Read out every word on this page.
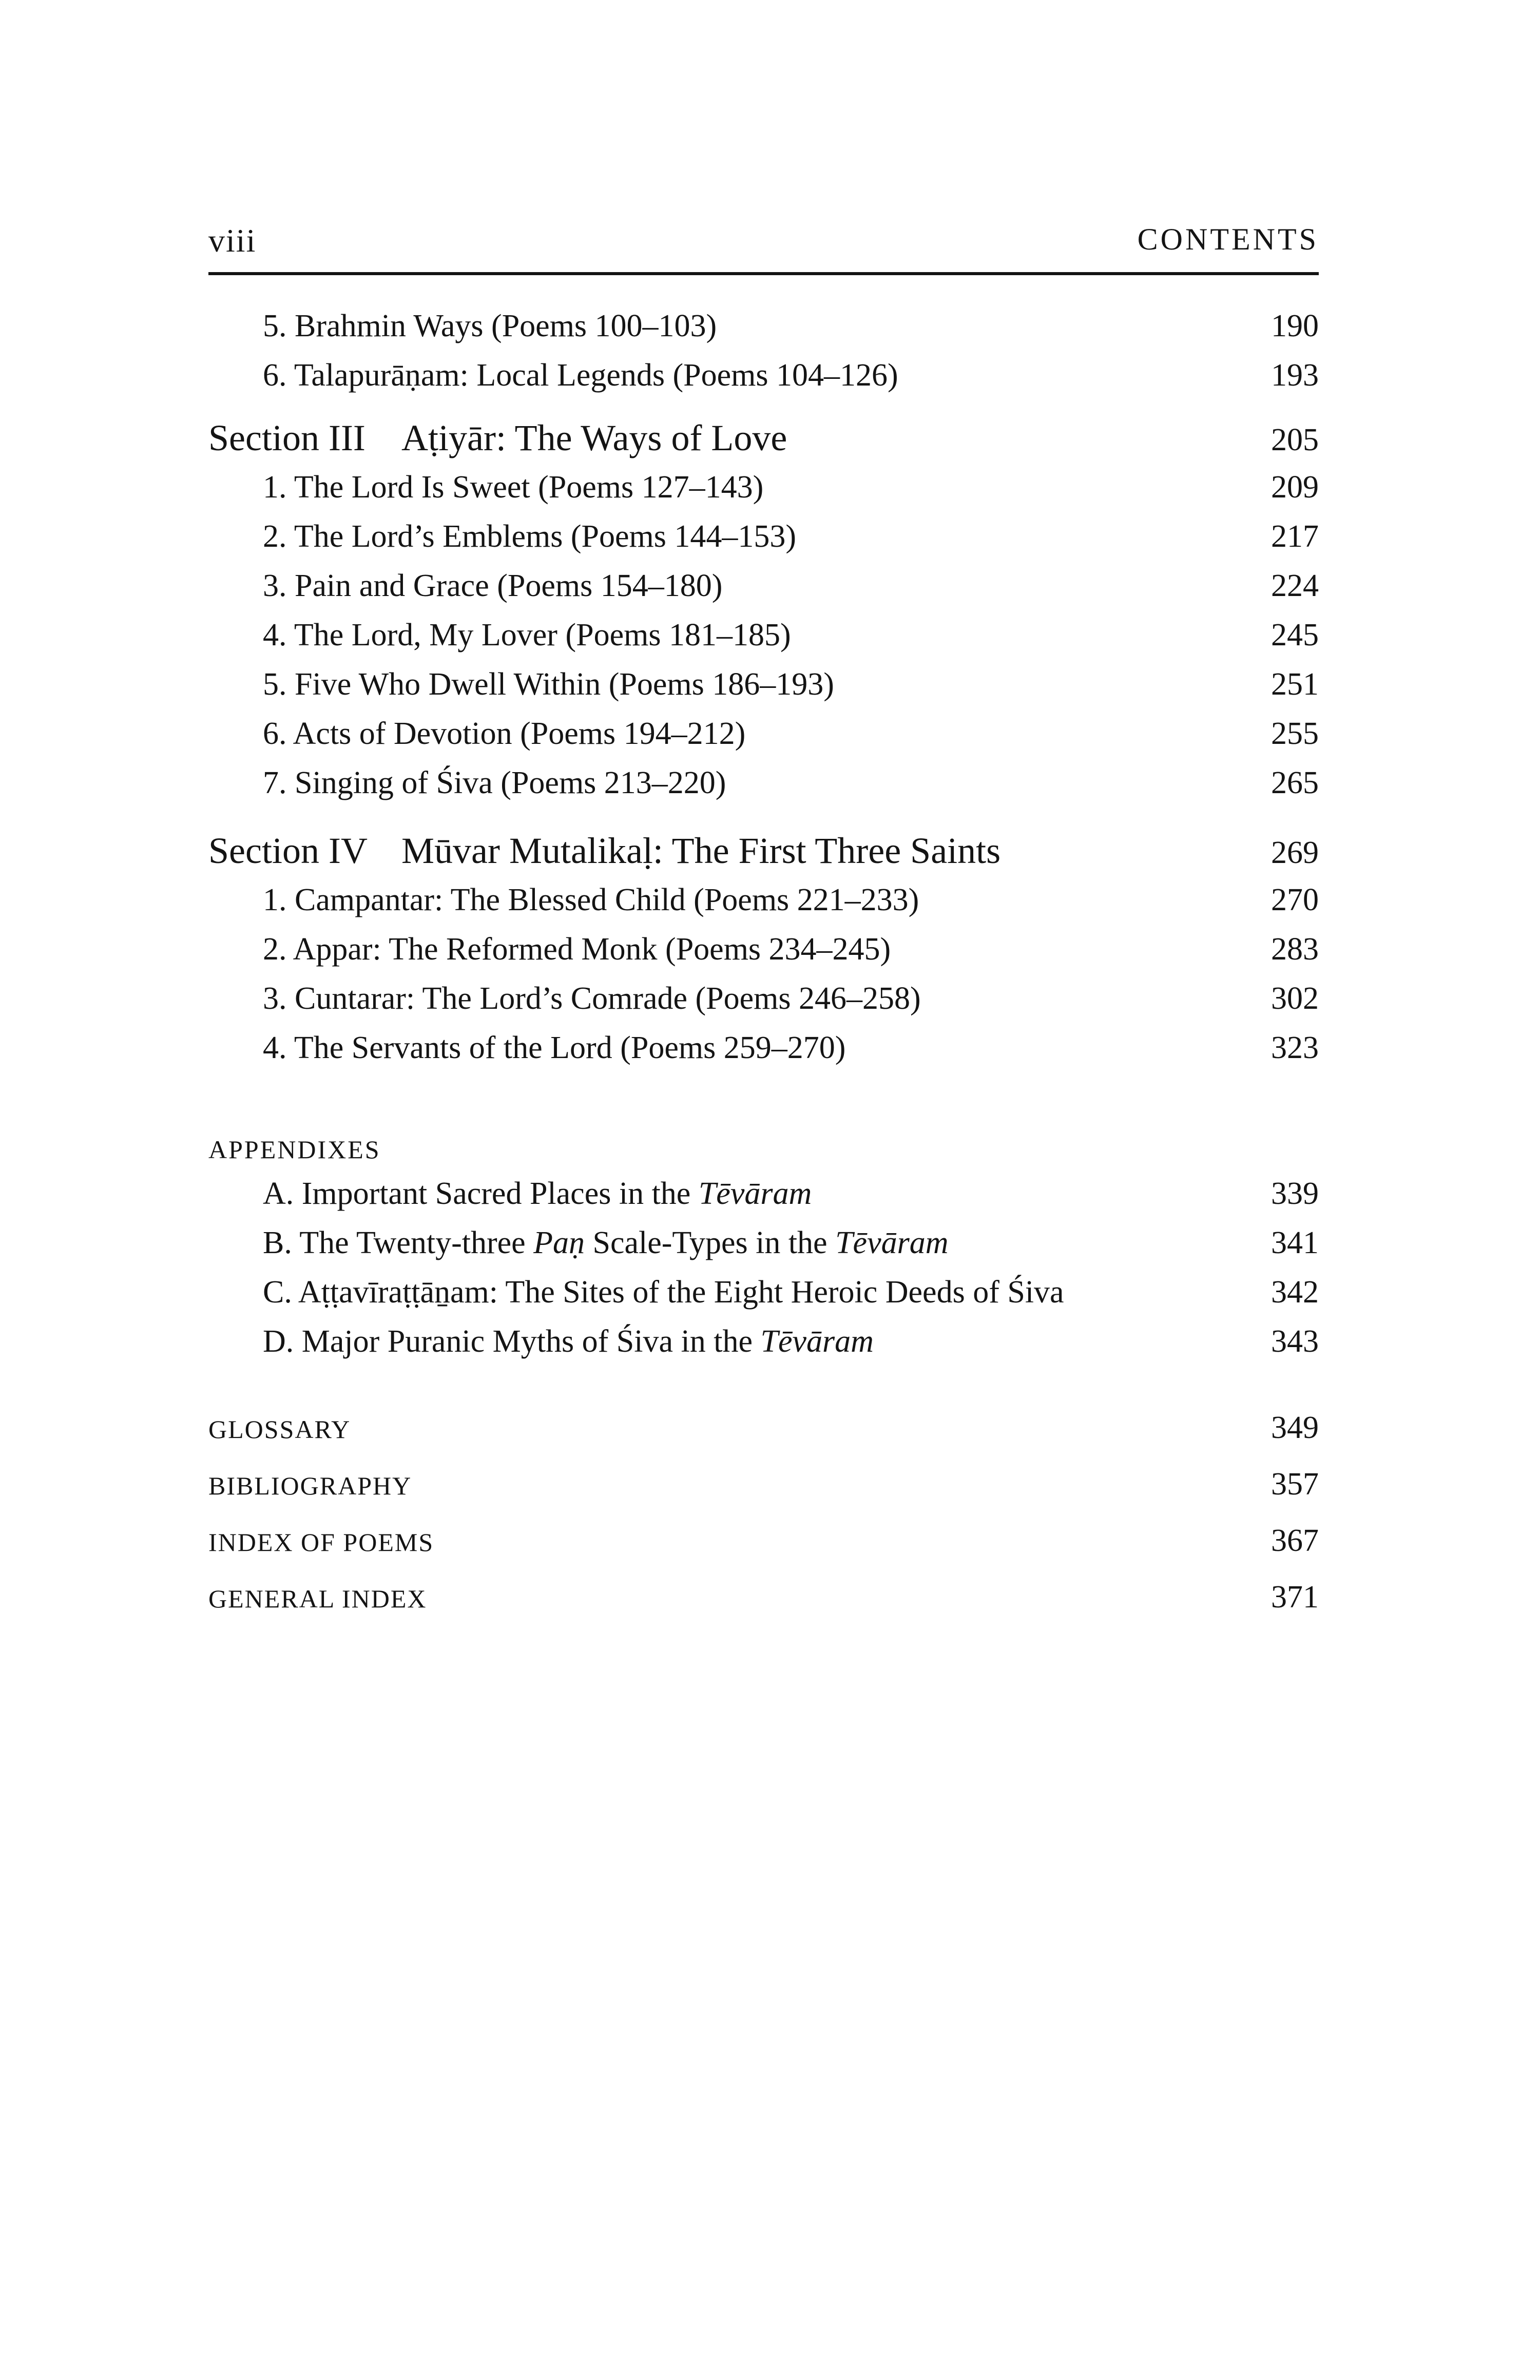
viii	CONTENTS
5. Brahmin Ways (Poems 100–103)	190
6. Talapurāṇam: Local Legends (Poems 104–126)	193
Section III Aṭiyār: The Ways of Love	205
1. The Lord Is Sweet (Poems 127–143)	209
2. The Lord’s Emblems (Poems 144–153)	217
3. Pain and Grace (Poems 154–180)	224
4. The Lord, My Lover (Poems 181–185)	245
5. Five Who Dwell Within (Poems 186–193)	251
6. Acts of Devotion (Poems 194–212)	255
7. Singing of Śiva (Poems 213–220)	265
Section IV Mūvar Mutalikaḷ: The First Three Saints	269
1. Campantar: The Blessed Child (Poems 221–233)	270
2. Appar: The Reformed Monk (Poems 234–245)	283
3. Cuntarar: The Lord’s Comrade (Poems 246–258)	302
4. The Servants of the Lord (Poems 259–270)	323
APPENDIXES
A. Important Sacred Places in the Tēvāram	339
B. The Twenty-three Paṇ Scale-Types in the Tēvāram	341
C. Aṭṭavīraṭṭāṉam: The Sites of the Eight Heroic Deeds of Śiva	342
D. Major Puranic Myths of Śiva in the Tēvāram	343
GLOSSARY	349
BIBLIOGRAPHY	357
INDEX OF POEMS	367
GENERAL INDEX	371
